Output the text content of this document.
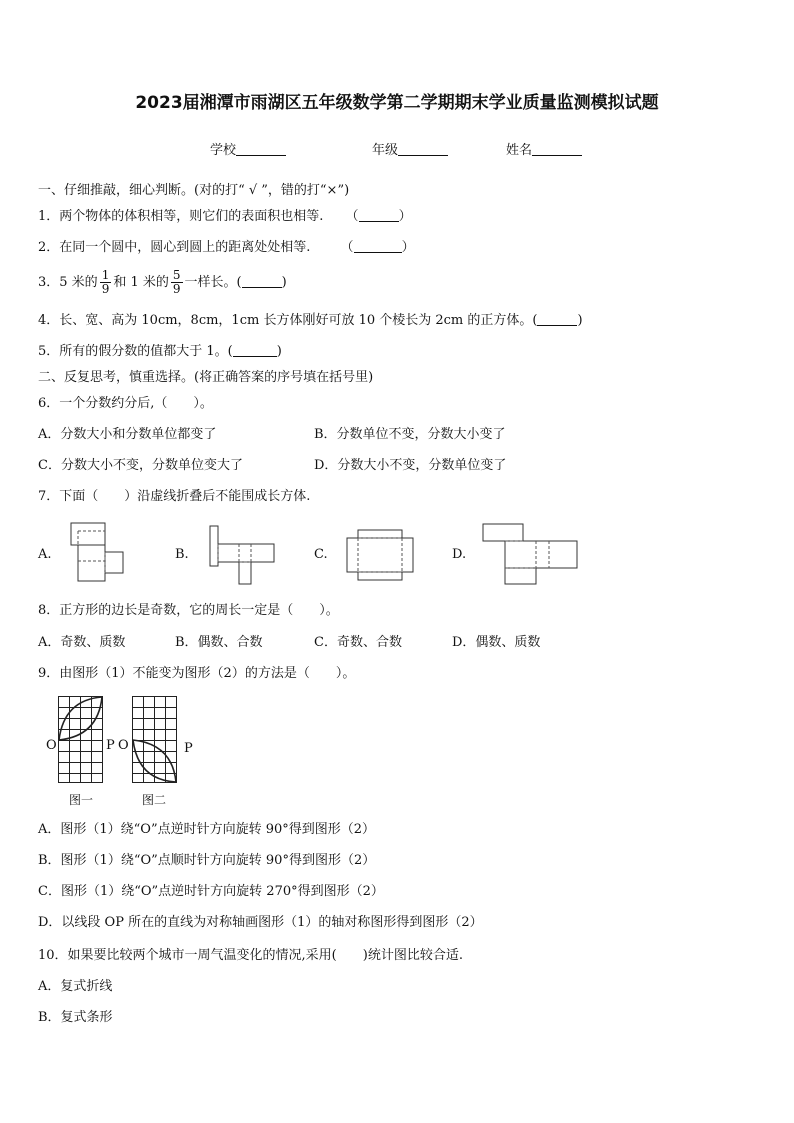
2023届湘潭市雨湖区五年级数学第二学期期末学业质量监测模拟试题
学校	年级	姓名
一、仔细推敲，细心判断。(对的打“ √ ”，错的打“×”)
1．两个物体的体积相等，则它们的表面积也相等. （	）
2．在同一个圆中，圆心到圆上的距离处处相等. （	）
3．5 米的 $\frac{1}{9}$ 和 1 米的 $\frac{5}{9}$ 一样长。(	)
4．长、宽、高为 10cm，8cm，1cm 长方体刚好可放 10 个棱长为 2cm 的正方体。(	)
5．所有的假分数的值都大于 1。(	)
二、反复思考，慎重选择。(将正确答案的序号填在括号里)
6．一个分数约分后,（　　）。
A．分数大小和分数单位都变了	B．分数单位不变，分数大小变了
C．分数大小不变，分数单位变大了	D．分数大小不变，分数单位变了
7．下面（　　）沿虚线折叠后不能围成长方体.
A.	B.	C.	D.
8．正方形的边长是奇数，它的周长一定是（　　）。
A．奇数、质数	B．偶数、合数	C．奇数、合数	D．偶数、质数
9．由图形（1）不能变为图形（2）的方法是（　　）。
O	P
图一
O	P
图二
A．图形（1）绕“O”点逆时针方向旋转 90°得到图形（2）
B．图形（1）绕“O”点顺时针方向旋转 90°得到图形（2）
C．图形（1）绕“O”点逆时针方向旋转 270°得到图形（2）
D．以线段 OP 所在的直线为对称轴画图形（1）的轴对称图形得到图形（2）
10．如果要比较两个城市一周气温变化的情况,采用(　　)统计图比较合适.
A．复式折线
B．复式条形
